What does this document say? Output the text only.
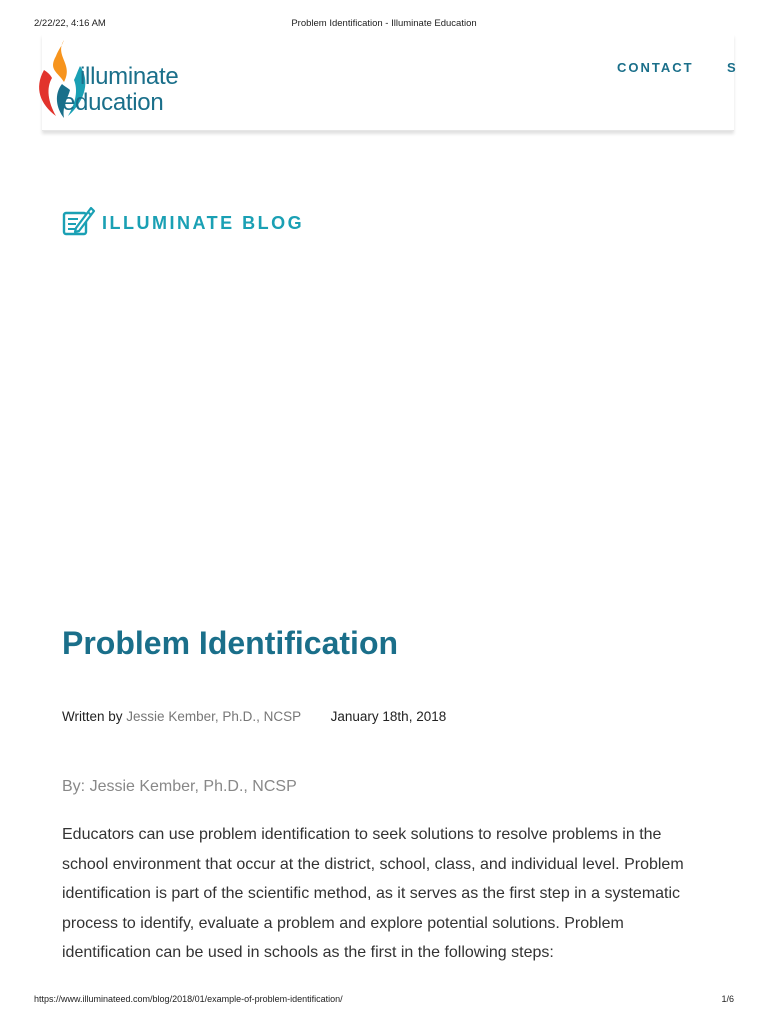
2/22/22, 4:16 AM	Problem Identification - Illuminate Education
illuminate
education
CONTACT	S
ILLUMINATE BLOG
Problem Identification
Written by Jessie Kember, Ph.D., NCSP January 18th, 2018
By: Jessie Kember, Ph.D., NCSP

Educators can use problem identification to seek solutions to resolve problems in the school environment that occur at the district, school, class, and individual level. Problem identification is part of the scientific method, as it serves as the first step in a systematic process to identify, evaluate a problem and explore potential solutions. Problem identification can be used in schools as the first in the following steps:

https://www.illuminateed.com/blog/2018/01/example-of-problem-identification/	1/6
